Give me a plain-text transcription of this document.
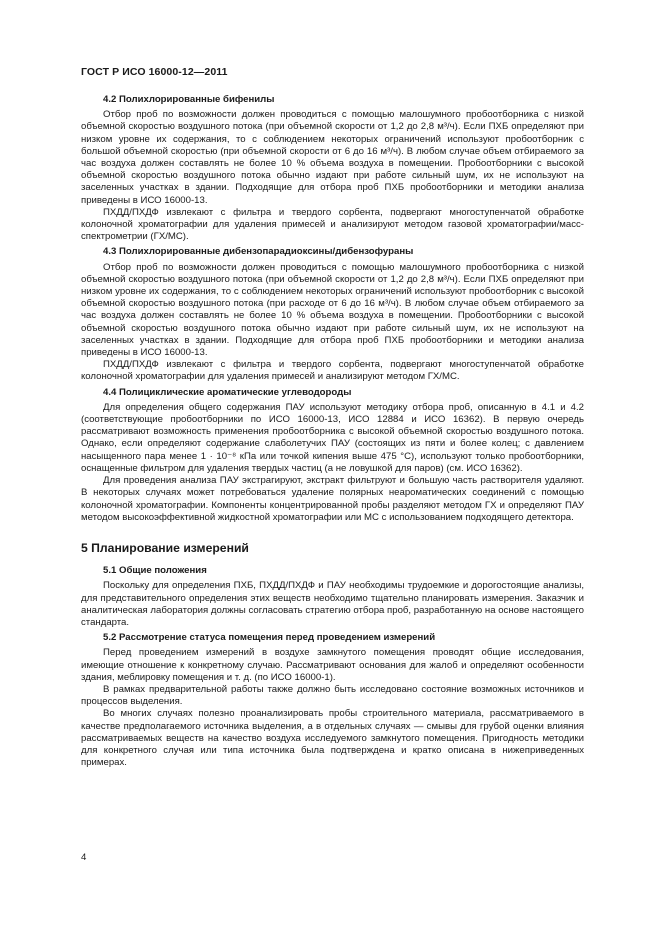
ГОСТ Р ИСО 16000-12—2011
4.2 Полихлорированные бифенилы

Отбор проб по возможности должен проводиться с помощью малошумного пробоотборника с низкой объемной скоростью воздушного потока (при объемной скорости от 1,2 до 2,8 м³/ч). Если ПХБ определяют при низком уровне их содержания, то с соблюдением некоторых ограничений используют пробоотборник с большой объемной скоростью (при объемной скорости от 6 до 16 м³/ч). В любом случае объем отбираемого за час воздуха должен составлять не более 10 % объема воздуха в помещении. Пробоотборники с высокой объемной скоростью воздушного потока обычно издают при работе сильный шум, их не используют на заселенных участках в здании. Подходящие для отбора проб ПХБ пробоотборники и методики анализа приведены в ИСО 16000-13.

ПХДД/ПХДФ извлекают с фильтра и твердого сорбента, подвергают многоступенчатой обработке колоночной хроматографии для удаления примесей и анализируют методом газовой хроматографии/масс-спектрометрии (ГХ/МС).

4.3 Полихлорированные дибензопарадиоксины/дибензофураны

Отбор проб по возможности должен проводиться с помощью малошумного пробоотборника с низкой объемной скоростью воздушного потока (при объемной скорости от 1,2 до 2,8 м³/ч). Если ПХБ определяют при низком уровне их содержания, то с соблюдением некоторых ограничений используют пробоотборник с высокой объемной скоростью воздушного потока (при расходе от 6 до 16 м³/ч). В любом случае объем отбираемого за час воздуха должен составлять не более 10 % объема воздуха в помещении. Пробоотборники с высокой объемной скоростью воздушного потока обычно издают при работе сильный шум, их не используют на заселенных участках в здании. Подходящие для отбора проб ПХБ пробоотборники и методики анализа приведены в ИСО 16000-13.

ПХДД/ПХДФ извлекают с фильтра и твердого сорбента, подвергают многоступенчатой обработке колоночной хроматографии для удаления примесей и анализируют методом ГХ/МС.

4.4 Полициклические ароматические углеводороды

Для определения общего содержания ПАУ используют методику отбора проб, описанную в 4.1 и 4.2 (соответствующие пробоотборники по ИСО 16000-13, ИСО 12884 и ИСО 16362). В первую очередь рассматривают возможность применения пробоотборника с высокой объемной скоростью воздушного потока. Однако, если определяют содержание слаболетучих ПАУ (состоящих из пяти и более колец; с давлением насыщенного пара менее 1 · 10⁻⁸ кПа или точкой кипения выше 475 °С), используют только пробоотборники, оснащенные фильтром для удаления твердых частиц (а не ловушкой для паров) (см. ИСО 16362).

Для проведения анализа ПАУ экстрагируют, экстракт фильтруют и большую часть растворителя удаляют. В некоторых случаях может потребоваться удаление полярных неароматических соединений с помощью колоночной хроматографии. Компоненты концентрированной пробы разделяют методом ГХ и определяют ПАУ методом высокоэффективной жидкостной хроматографии или МС с использованием подходящего детектора.

5 Планирование измерений
5.1 Общие положения

Поскольку для определения ПХБ, ПХДД/ПХДФ и ПАУ необходимы трудоемкие и дорогостоящие анализы, для представительного определения этих веществ необходимо тщательно планировать измерения. Заказчик и аналитическая лаборатория должны согласовать стратегию отбора проб, разработанную на основе настоящего стандарта.

5.2 Рассмотрение статуса помещения перед проведением измерений

Перед проведением измерений в воздухе замкнутого помещения проводят общие исследования, имеющие отношение к конкретному случаю. Рассматривают основания для жалоб и определяют особенности здания, меблировку помещения и т. д. (по ИСО 16000-1).

В рамках предварительной работы также должно быть исследовано состояние возможных источников и процессов выделения.

Во многих случаях полезно проанализировать пробы строительного материала, рассматриваемого в качестве предполагаемого источника выделения, а в отдельных случаях — смывы для грубой оценки влияния рассматриваемых веществ на качество воздуха исследуемого замкнутого помещения. Пригодность методики для конкретного случая или типа источника была подтверждена и кратко описана в нижеприведенных примерах.

4
